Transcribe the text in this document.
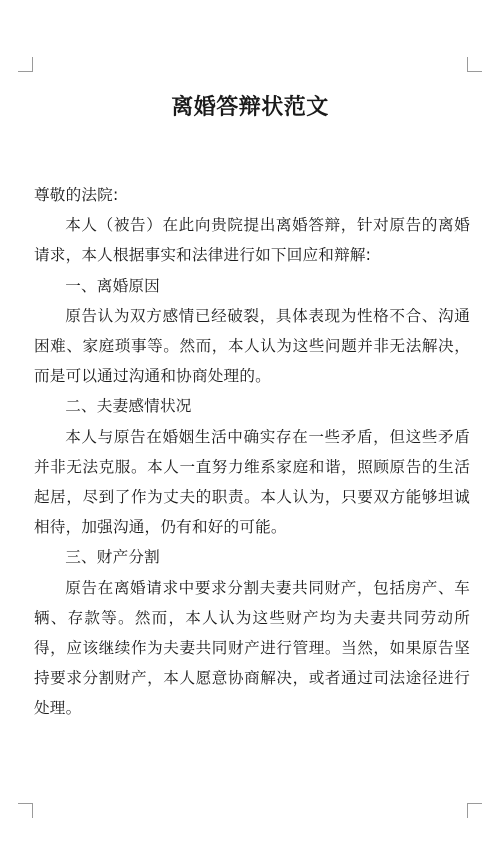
离婚答辩状范文

尊敬的法院:

本人（被告）在此向贵院提出离婚答辩，针对原告的离婚请求，本人根据事实和法律进行如下回应和辩解:

一、离婚原因

原告认为双方感情已经破裂，具体表现为性格不合、沟通困难、家庭琐事等。然而，本人认为这些问题并非无法解决，而是可以通过沟通和协商处理的。

二、夫妻感情状况

本人与原告在婚姻生活中确实存在一些矛盾，但这些矛盾并非无法克服。本人一直努力维系家庭和谐，照顾原告的生活起居，尽到了作为丈夫的职责。本人认为，只要双方能够坦诚相待，加强沟通，仍有和好的可能。

三、财产分割

原告在离婚请求中要求分割夫妻共同财产，包括房产、车辆、存款等。然而，本人认为这些财产均为夫妻共同劳动所得，应该继续作为夫妻共同财产进行管理。当然，如果原告坚持要求分割财产，本人愿意协商解决，或者通过司法途径进行处理。
